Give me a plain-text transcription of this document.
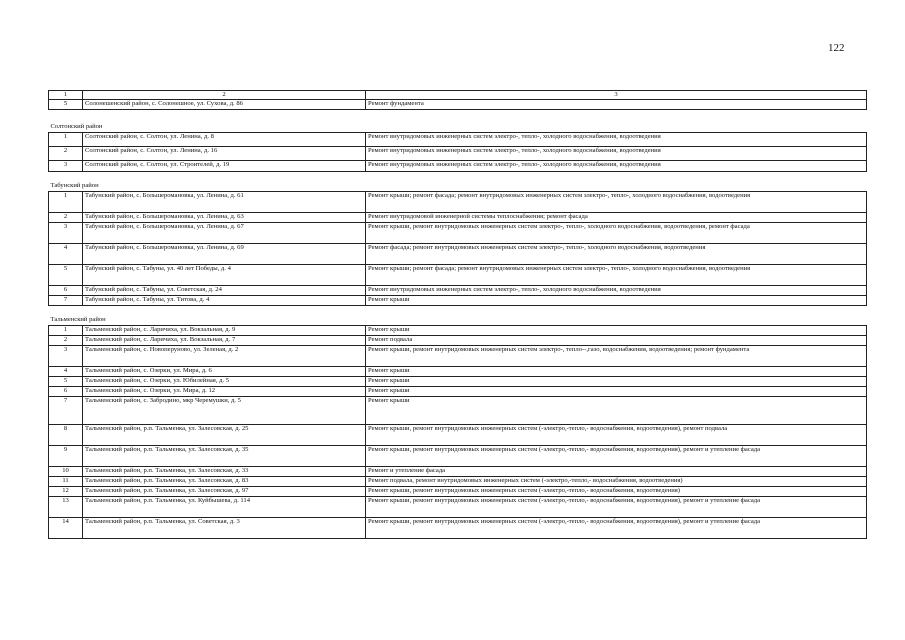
122
1	2	3
5	Солонешенский район, с. Солонешное, ул. Сухова, д. 86	Ремонт фундамента
Солтонский район		
1	Солтонский район, с. Солтон, ул. Ленина, д. 8	Ремонт внутридомовых инженерных систем электро-, тепло-, холодного водоснабжения, водоотведения
2	Солтонский район, с. Солтон, ул. Ленина, д. 16	Ремонт внутридомовых инженерных систем электро-, тепло-, холодного водоснабжения, водоотведения
3	Солтонский район, с. Солтон, ул. Строителей, д. 19	Ремонт внутридомовых инженерных систем электро-, тепло-, холодного водоснабжения, водоотведения
Табунский район		
1	Табунский район, с. Большеромановка, ул. Ленина, д. 61	Ремонт крыши; ремонт фасада; ремонт внутридомовых инженерных систем электро-, тепло-, холодного водоснабжения, водоотведения
2	Табунский район, с. Большеромановка, ул. Ленина, д. 63	Ремонт внутридомовой инженерной системы теплоснабжения; ремонт фасада
3	Табунский район, с. Большеромановка, ул. Ленина, д. 67	Ремонт крыши, ремонт внутридомовых инженерных систем электро-, тепло-, холодного водоснабжения, водоотведения, ремонт фасада
4	Табунский район, с. Большеромановка, ул. Ленина, д. 69	Ремонт фасада; ремонт внутридомовых инженерных систем электро-, тепло-, холодного водоснабжения, водоотведения
5	Табунский район, с. Табуны, ул. 40 лет Победы, д. 4	Ремонт крыши; ремонт фасада; ремонт внутридомовых инженерных систем электро-, тепло-, холодного водоснабжения, водоотведения
6	Табунский район, с. Табуны, ул. Советская, д. 24	Ремонт внутридомовых инженерных систем электро-, тепло-, холодного водоснабжения, водоотведения
7	Табунский район, с. Табуны, ул. Титова, д. 4	Ремонт крыши
Тальменский район		
1	Тальменский район, с. Ларичиха, ул. Вокзальная, д. 9	Ремонт крыши
2	Тальменский район, с. Ларичиха, ул. Вокзальная, д. 7	Ремонт подвала
3	Тальменский район, с. Новоперуново, ул. Зеленая, д. 2	Ремонт крыши, ремонт внутридомовых инженерных систем электро-, тепло--,газо, водоснабжения, водоотведения; ремонт фундамента
4	Тальменский район, с. Озерки, ул. Мира, д. 6	Ремонт крыши
5	Тальменский район, с. Озерки, ул. Юбилейная, д. 5	Ремонт крыши
6	Тальменский район, с. Озерки, ул. Мира, д. 12	Ремонт крыши
7	Тальменский район, с. Забродино, мкр Черемушки, д. 5	Ремонт крыши
8	Тальменский район, р.п. Тальменка, ул. Залесовская, д. 25	Ремонт крыши, ремонт внутридомовых инженерных систем (-электро,-тепло,- водоснабжения, водоотведения), ремонт подвала
9	Тальменский район, р.п. Тальменка, ул. Залесовская, д. 35	Ремонт крыши, ремонт внутридомовых инженерных систем (-электро,-тепло,- водоснабжения, водоотведения), ремонт и утепление фасада
10	Тальменский район, р.п. Тальменка, ул. Залесовская, д. 33	Ремонт и утепление фасада
11	Тальменский район, р.п. Тальменка, ул. Залесовская, д. 83	Ремонт подвала, ремонт внутридомовых инженерных систем (-электро,-тепло,- водоснабжения, водоотведения)
12	Тальменский район, р.п. Тальменка, ул. Залесовская, д. 97	Ремонт крыши, ремонт внутридомовых инженерных систем (-электро,-тепло,- водоснабжения, водоотведения)
13	Тальменский район, р.п. Тальменка, ул. Куйбышева, д. 114	Ремонт крыши, ремонт внутридомовых инженерных систем (-электро,-тепло,- водоснабжения, водоотведения), ремонт и утепление фасада
14	Тальменский район, р.п. Тальменка, ул. Советская, д. 3	Ремонт крыши, ремонт внутридомовых инженерных систем (-электро,-тепло,- водоснабжения, водоотведения), ремонт и утепление фасада
